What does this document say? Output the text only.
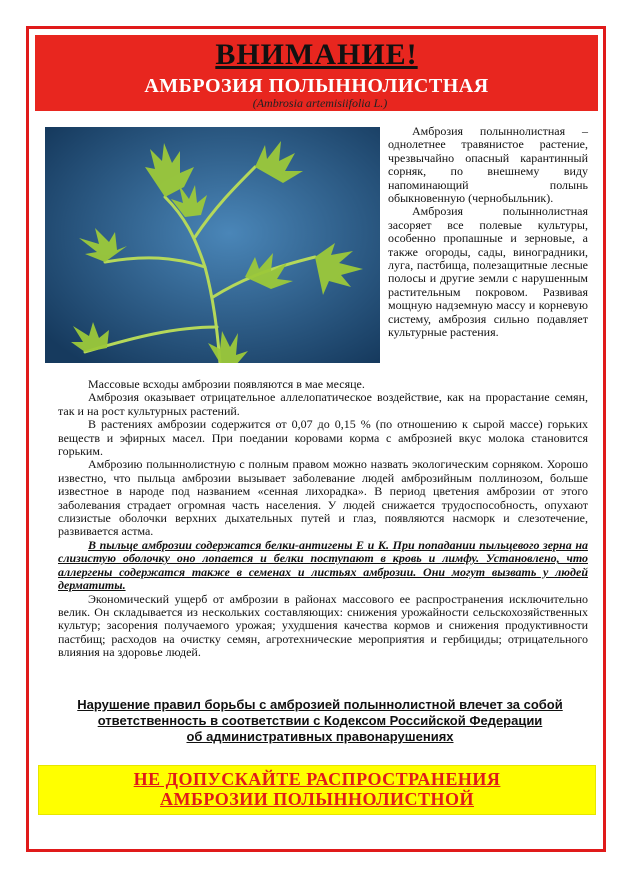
ВНИМАНИЕ!
АМБРОЗИЯ ПОЛЫННОЛИСТНАЯ
(Ambrosia artemisiifolia L.)

Амброзия полыннолистная – однолетнее травянистое растение, чрезвычайно опасный карантинный сорняк, по внешнему виду напоминающий полынь обыкновенную (чернобыльник).

Амброзия полыннолистная засоряет все полевые культуры, особенно пропашные и зерновые, а также огороды, сады, виноградники, луга, пастбища, полезащитные лесные полосы и другие земли с нарушенным растительным покровом. Развивая мощную надземную массу и корневую систему, амброзия сильно подавляет культурные растения.

Массовые всходы амброзии появляются в мае месяце.

Амброзия оказывает отрицательное аллелопатическое воздействие, как на прорастание семян, так и на рост культурных растений.

В растениях амброзии содержится от 0,07 до 0,15 % (по отношению к сырой массе) горьких веществ и эфирных масел. При поедании коровами корма с амброзией вкус молока становится горьким.

Амброзию полыннолистную с полным правом можно назвать экологическим сорняком. Хорошо известно, что пыльца амброзии вызывает заболевание людей амброзийным поллинозом, больше известное в народе под названием «сенная лихорадка». В период цветения амброзии от этого заболевания страдает огромная часть населения. У людей снижается трудоспособность, опухают слизистые оболочки верхних дыхательных путей и глаз, появляются насморк и слезотечение, развивается астма.

В пыльце амброзии содержатся белки-антигены Е и К. При попадании пыльцевого зерна на слизистую оболочку оно лопается и белки поступают в кровь и лимфу. Установлено, что аллергены содержатся также в семенах и листьях амброзии. Они могут вызвать у людей дерматиты.

Экономический ущерб от амброзии в районах массового ее распространения исключительно велик. Он складывается из нескольких составляющих: снижения урожайности сельскохозяйственных культур; засорения получаемого урожая; ухудшения качества кормов и снижения продуктивности пастбищ; расходов на очистку семян, агротехнические мероприятия и гербициды; отрицательного влияния на здоровье людей.

Нарушение правил борьбы с амброзией полыннолистной влечет за собой
ответственность в соответствии с Кодексом Российской Федерации
об административных правонарушениях
НЕ ДОПУСКАЙТЕ РАСПРОСТРАНЕНИЯ
АМБРОЗИИ ПОЛЫННОЛИСТНОЙ
